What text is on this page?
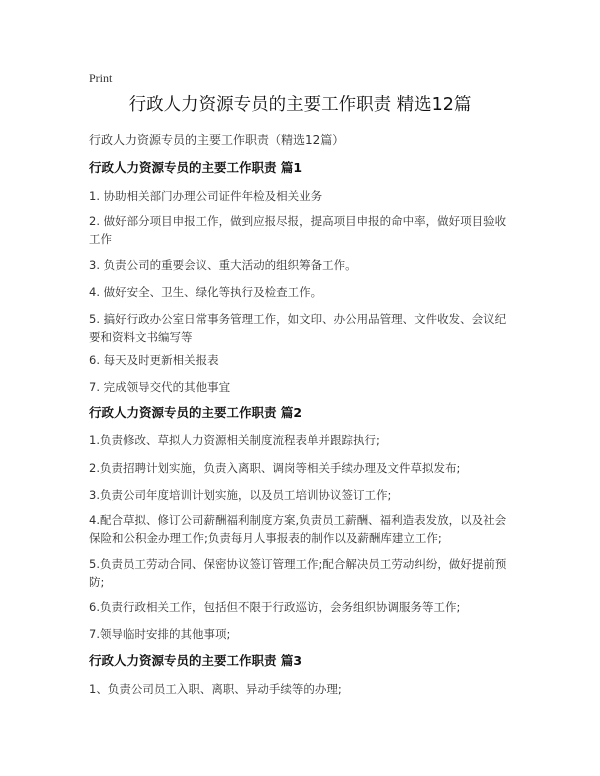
Print
行政人力资源专员的主要工作职责 精选12篇
行政人力资源专员的主要工作职责（精选12篇）
行政人力资源专员的主要工作职责 篇1
1. 协助相关部门办理公司证件年检及相关业务
2. 做好部分项目申报工作，做到应报尽报，提高项目申报的命中率，做好项目验收工作
3. 负责公司的重要会议、重大活动的组织筹备工作。
4. 做好安全、卫生、绿化等执行及检查工作。
5. 搞好行政办公室日常事务管理工作，如文印、办公用品管理、文件收发、会议纪要和资料文书编写等
6. 每天及时更新相关报表
7. 完成领导交代的其他事宜
行政人力资源专员的主要工作职责 篇2
1.负责修改、草拟人力资源相关制度流程表单并跟踪执行;
2.负责招聘计划实施，负责入离职、调岗等相关手续办理及文件草拟发布;
3.负责公司年度培训计划实施，以及员工培训协议签订工作;
4.配合草拟、修订公司薪酬福利制度方案,负责员工薪酬、福利造表发放，以及社会保险和公积金办理工作;负责每月人事报表的制作以及薪酬库建立工作;
5.负责员工劳动合同、保密协议签订管理工作;配合解决员工劳动纠纷，做好提前预防;
6.负责行政相关工作，包括但不限于行政巡访，会务组织协调服务等工作;
7.领导临时安排的其他事项;
行政人力资源专员的主要工作职责 篇3
1、负责公司员工入职、离职、异动手续等的办理;
